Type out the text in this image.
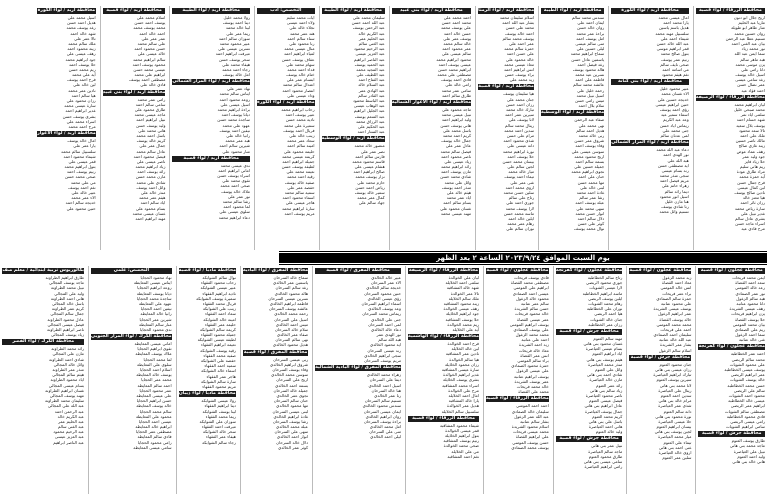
محافظة الزرقاء / لواء قصبة
اريج جلال ابو دنون
ماريا عبد الحليم
منار طاهر ابو طويلة
روان حسين محمد
تسنيم عطا عبد الرحمن
بيان عبد الغني احمد
نور محمد زياد
سما ايمن عبد الله
هبة ماهر سالم
يزن موسى محمد
دانا رامي علي
اسيل خالد يوسف
رغد سامي عيسى
عمر نضال حسن
احمد فؤاد عيد
محافظة الزرقاء / لواء الرصيفة
ليان ابراهيم محمد
محمد صبحي خليل
سلمى اياد نمر
شهد حسام احمد
يوسف بلال سعيد
تالا سعد محمود
ملك علي احمد
مالك ناصر حسين
زينة غازي صالح
رهف عماد عوض
جود وليد عمر
حلا زياد فايز
ريم هاني سليم
مراد طارق عودة
آية حمزة محمد
فرح جمال حسن
لين كمال عيسى
نادين صالح يوسف
هيا معتز خالد
رزان ثائر احمد
سارة رياض محمد
غدير نبيل علي
بشرى عادل سالم
اسراء ماجد حسن
مرح فادي عيد
محافظة اربد / لواء الكورة
امال عيسى محمد
يارا محمد احمد
هديل باسم ياسين
سلسبيل مهند محمد
شيماء احمد علي
عبد الله خالد حسن
قمر ابراهيم موسى
بتول صالح محمد
رنيم عمر يوسف
ضحى نايف سالم
مي اسامة احمد
نغم هيثم محمود
محافظة اربد / لواء بني كنانة
عبير محمود خليل
الاء غسان محمد
خديجة حسين علي
حنين ابراهيم عيسى
رؤى احمد يوسف
اسماء سمير عيد
وعد عبد الكريم
ريماس اياد حسن
جنى محمد علي
لمى عدنان سالم
محافظة اربد / لواء المزار الشمالي
دعاء عبد الله محمد
نور الهدى احمد
هبة الله علي
اية مصطفى حسن
رند بسام عيسى
سجى منذر محمد
مريم فيصل احمد
زهراء حاتم علي
ديما رائد سالم
اسيل انور محمود
هنا مازن خليل
رنا شادي يوسف
تسنيم وائل محمد
محافظة اربد / لواء الطيبة
سندس محمد سالم
ايمان احمد علي
روان خالد حسن
براءة عمر محمد
امل يوسف احمد
منى سالم عيسى
ليلى حسين علي
سماح ابراهيم محمد
ياسمين عادل حسن
رغد فيصل احمد
هالة محمود يوسف
نسرين عيد محمد
فاطمة علي احمد
عائشة محمد سالم
رحمة خليل علي
اسيل نبيل محمد
ميس رامي حسن
سلام بلال احمد
محافظة اربد / لواء الوسطية
صفاء عبد الرحمن
نهى محمد علي
هديل احمد سالم
ربى خالد محمد
شروق عمر حسن
وفاء يوسف احمد
سوسن عيسى علي
اريج محمود محمد
بسمة سالم احمد
جميلة حسين علي
نجوى ابراهيم محمد
حنان علي احمد
مها محمد حسن
لبنى خالد علي
غادة احمد محمد
رشا عمر سالم
عبلة يوسف احمد
سهى محمد علي
انوار حسن محمد
دلال سالم احمد
كوثر علي حسن
نوال محمد يوسف
محافظة اربد / لواء الرمثا
اسلام سليمان محمد
بشار عبد الله احمد
محمد علي حسن
احمد خالد يوسف
يوسف محمد سالم
عمر احمد علي
حمزة سالم محمد
علي حسن احمد
خالد محمود علي
معاذ عيسى محمد
انس ابراهيم احمد
براء يوسف حسن
زيد محمد علي
محافظة اربد / لواء قصبة
هيا سليمان يوسف
جنان محمد علي
رزان احمد حسن
تبارك خالد محمد
سيرين عمر احمد
لانا يوسف علي
ريتال محمد سالم
سدين احمد محمد
مرام علي حسن
شذى محمود احمد
دانة عيسى علي
نورة ابراهيم محمد
حلا يوسف احمد
بيسان محمد حسن
لجين سالم علي
ميار خالد محمد
تيماء احمد يوسف
غنى عمر علي
اروى محمد احمد
سلين حسن محمد
رتاج علي سالم
جوري احمد علي
لارا يوسف محمد
ماسة محمد حسن
ايلين خالد احمد
رهام عمر محمد
نوران سالم علي
محافظة اربد / لواء بني عبيد
احمد محمد علي
محمد احمد حسن
علي يوسف محمد
حسن خالد احمد
يوسف عمر علي
خالد سالم محمد
عمر محمود احمد
سالم عيسى علي
محمود ابراهيم محمد
عيسى يوسف احمد
ابراهيم محمد حسن
مصطفى علي محمد
فادي احمد يوسف
رامي خالد علي
سامي عمر محمد
طارق سالم احمد
محافظة اربد / لواء الاغوار الشمالية
ماجد محمود علي
نبيل عيسى محمد
وليد ابراهيم احمد
هاني يوسف حسن
باسل محمد علي
كريم احمد محمد
جمال خالد يوسف
عادل عمر علي
فيصل سالم محمد
ناصر محمود احمد
زياد عيسى علي
رائد ابراهيم محمد
مازن يوسف احمد
شادي محمد حسن
وائل علي محمد
منذر احمد يوسف
هيثم خالد علي
اياد عمر محمد
بسام سالم احمد
غسان محمود علي
مهند عيسى محمد
محافظة اربد / لواء الطيبة
سليمان محمد علي
عبد الله احمد حسن
عبد الرحمن يوسف
عبد الكريم خالد
عبد الحليم عمر
عبد الغني سالم
عبد الرحيم محمود
عبد العزيز عيسى
عبد الناصر ابراهيم
عبد الحميد يوسف
عبد المجيد محمد
عبد اللطيف علي
عبد الفتاح احمد
عبد السلام خالد
عبد الهادي عمر
عبد القادر سالم
عبد الباسط محمود
عبد الوهاب عيسى
عبد الجليل ابراهيم
عبد المنعم يوسف
عبد الرزاق محمد
عبد الحكيم علي
عبد الستار احمد
محافظة اربد / لواء الوسطية
منصور خالد محمد
نصر عمر علي
فارس سالم احمد
قاسم محمود محمد
هشام عيسى علي
صالح ابراهيم احمد
نزار يوسف محمد
حازم محمد علي
رياض احمد حسن
سمير خالد يوسف
كمال عمر محمد
جهاد سالم علي
التخصص: ادب
ايات محمد سليم
ولاء احمد عيسى
نجلاء خالد علي
هند عمر محمد
سناء سالم احمد
رنا محمود علي
منال عيسى محمد
لمياء ابراهيم احمد
عفاف يوسف حسن
سهام محمد علي
فداء احمد محمد
ختام خالد يوسف
ابتسام عمر علي
اعتدال سالم محمد
انتصار محمود احمد
وداد عيسى علي
محافظة اربد / لواء الكورة
رحاب ابراهيم محمد
عبير يوسف احمد
نادية محمد حسن
سميرة علي محمد
فريال احمد يوسف
زينب خالد علي
سعاد عمر محمد
امينة سالم احمد
حليمة محمود علي
كريمة عيسى محمد
جميلة ابراهيم احمد
لطيفة يوسف حسن
نعيمة محمد علي
رقية احمد محمد
صفية خالد يوسف
حفصة عمر علي
سمية سالم محمد
اسماء محمود احمد
هاجر عيسى علي
سارة ابراهيم محمد
مريم يوسف احمد
محافظة اربد / لواء الطيبة
رولا محمد خليل
دينا احمد يوسف
لينا خالد محمد
ريما عمر علي
سوزان سالم احمد
عبير محمود محمد
نسرين عيسى علي
ميرفت ابراهيم احمد
سحر يوسف حسن
هيفاء محمد علي
رجاء احمد محمد
امل خالد يوسف
محافظة اربد / لواء المزار الشمالي
نهاد عمر علي
ايناس سالم محمد
روعة محمود احمد
اسيل عيسى علي
براءة ابراهيم محمد
ديانا يوسف احمد
ساجدة محمد حسن
عهود علي محمد
نيفين احمد يوسف
رانيا خالد علي
هبة عمر محمد
شيرين سالم احمد
منار محمود علي
محافظة اربد / لواء قصبة
ندى عيسى محمد
اماني ابراهيم احمد
اسراء يوسف حسن
تقوى محمد علي
ضحى احمد محمد
ملاك خالد يوسف
نور عمر علي
رشا سالم محمد
لما محمود احمد
سلوى عيسى علي
دعاء ابراهيم محمد
محافظة اربد / لواء قصبة
اسلام محمد علي
يوسف احمد حسن
محمد يوسف محمد
احمد خالد احمد
عمر عمر علي
علي سالم محمد
حسن محمود احمد
خالد عيسى علي
سالم ابراهيم محمد
محمود يوسف احمد
عيسى محمد حسن
ابراهيم علي محمد
مصطفى احمد يوسف
فادي خالد علي
محافظة اربد / لواء بني عبيد
رامي عمر محمد
سامي سالم احمد
طارق محمود علي
ماجد عيسى محمد
نبيل ابراهيم احمد
وليد يوسف حسن
هاني محمد علي
باسل احمد محمد
كريم خالد يوسف
جمال عمر علي
عادل سالم محمد
فيصل محمود احمد
ناصر عيسى علي
زياد ابراهيم محمد
رائد يوسف احمد
مازن محمد حسن
شادي علي محمد
وائل احمد يوسف
منذر خالد علي
هيثم عمر محمد
اياد سالم احمد
بسام محمود علي
غسان عيسى محمد
مهند ابراهيم احمد
محافظة اربد / لواء الكورة
اسيل محمد علي
هديل احمد حسن
رغد يوسف محمد
شهد خالد احمد
تالا عمر علي
ملك سالم محمد
زينة محمود احمد
رهف عيسى علي
جود ابراهيم محمد
حلا يوسف احمد
ريم محمد حسن
آية علي محمد
فرح احمد يوسف
لين خالد علي
نادين عمر محمد
هيا سالم احمد
رزان محمود علي
سارة عيسى محمد
غدير ابراهيم احمد
بشرى يوسف حسن
اسراء محمد علي
مرح احمد محمد
محافظة اربد / لواء الاغوار
امال خالد يوسف
يارا عمر علي
سلسبيل سالم محمد
شيماء محمود احمد
قمر عيسى علي
بتول ابراهيم محمد
رنيم يوسف احمد
ضحى محمد حسن
مي علي محمد
نغم احمد يوسف
عبير خالد علي
الاء عمر محمد
خديجة سالم احمد
حنين محمود علي
يوم السبت الموافق ٢٠٢٣/٩/٢٤ الساعة ٢ بعد الظهر
محافظة عجلون / لواء قصبة
ايمن محمد فريحات
سعد احمد القضاة
رعد خالد المومني
نور عمر الصمادي
هبة سالم الزغول
دانا محمود عنانبة
رهف عيسى الشريدة
يزن ابراهيم فريحات
حلا يوسف القضاة
بيان محمد المومني
ريم علي الصمادي
سما احمد الزغول
غنى خالد عنانبة
محافظة عجلون / لواء كفرنجة
احمد عمر الخطاطبة
محمد سالم الربضي
علي محمود الشويات
يوسف عيسى الخطاطبة
عمر ابراهيم الربضي
خالد يوسف الشويات
حسن محمد الخطاطبة
سالم علي الربضي
محمود احمد الشويات
عيسى خالد الخطاطبة
ابراهيم عمر الربضي
مصطفى سالم الشويات
فادي محمود الخطاطبة
رامي عيسى الربضي
سامي ابراهيم الشويات
محافظة جرش / لواء قصبة
طارق يوسف العتوم
ماجد محمد بني هاني
نبيل علي العياصرة
وليد احمد العتوم
هاني خالد بني هاني
محافظة عجلون / لواء قصبة
زيد محمد الزغول
معاذ احمد القضاة
انس خالد المومني
براء عمر فريحات
حمزة سالم الصمادي
علي محمود عنانبة
يوسف عيسى الشريدة
عمر ابراهيم الزغول
خالد يوسف القضاة
محمد محمد المومني
احمد علي فريحات
سليمان احمد الصمادي
عبد الله خالد عنانبة
بشار عمر الشريدة
اسلام سالم الزغول
محافظة جرش / لواء قصبة
جنان محمود العتوم
رزان عيسى بني هاني
تبارك ابراهيم العياصرة
سيرين يوسف العتوم
لانا محمد بني هاني
ريتال علي العياصرة
سدين احمد العتوم
مرام خالد بني هاني
شذى عمر العياصرة
دانة سالم العتوم
نورة محمود بني هاني
حلا عيسى العياصرة
بيسان ابراهيم العتوم
لجين يوسف بني هاني
ميار محمد العياصرة
تيماء علي العتوم
غنى احمد بني هاني
اروى خالد العياصرة
سلين عمر العتوم
محافظة عجلون / لواء كفرنجة
رتاج سالم الخطاطبة
جوري محمود الربضي
لارا عيسى الشويات
ماسة ابراهيم الخطاطبة
ايلين يوسف الربضي
رهام محمد الشويات
نوران علي الخطاطبة
هيا احمد الربضي
جنان خالد الشويات
رزان عمر الخطاطبة
محافظة جرش / لواء قصبة
مهند سالم العتوم
غسان محمود بني هاني
بسام عيسى العياصرة
اياد ابراهيم العتوم
هيثم يوسف بني هاني
منذر محمد العياصرة
وائل علي العتوم
شادي احمد بني هاني
مازن خالد العياصرة
رائد عمر العتوم
زياد سالم بني هاني
ناصر محمود العياصرة
فيصل عيسى العتوم
عادل ابراهيم بني هاني
جمال يوسف العياصرة
كريم محمد العتوم
باسل علي بني هاني
هاني احمد العياصرة
وليد خالد العتوم
محافظة جرش / لواء قصبة
نبيل عمر بني هاني
ماجد سالم العياصرة
طارق محمود العتوم
سامي عيسى بني هاني
رامي ابراهيم العياصرة
محافظة عجلون / لواء قصبة
فادي يوسف فريحات
مصطفى محمد القضاة
ابراهيم علي المومني
عيسى احمد الصمادي
محمود خالد الزغول
سالم عمر عنانبة
حسن سالم الشريدة
خالد محمود فريحات
عمر عيسى القضاة
يوسف ابراهيم المومني
علي يوسف الصمادي
محمد محمد الزغول
احمد علي عنانبة
زيد احمد الشريدة
معاذ خالد فريحات
انس عمر القضاة
براء سالم المومني
حمزة محمود الصمادي
علي عيسى الزغول
يوسف ابراهيم عنانبة
عمر يوسف الشريدة
خالد محمد فريحات
محمد علي القضاة
محافظة الزرقاء / لواء قصبة
احمد احمد المومني
سليمان خالد الصمادي
عبد الله عمر الزغول
بشار سالم عنانبة
اسلام محمود الشريدة
محمد عيسى فريحات
علي ابراهيم القضاة
حسن يوسف المومني
يوسف محمد الصمادي
محافظة الزرقاء / لواء الرصيفة
ليان علي الخوالدة
سلمى احمد الخلايلة
شهد خالد المشاقبة
تالا عمر الخوالدة
ملك سالم الخلايلة
زينة محمود المشاقبة
رهف عيسى الخوالدة
جود ابراهيم الخلايلة
حلا يوسف المشاقبة
ريم محمد الخوالدة
آية علي الخلايلة
محافظة الزرقاء / لواء الهاشمية
فرح احمد الخوالدة
لين خالد الخلايلة
نادين عمر المشاقبة
هيا سالم الخوالدة
رزان محمود الخلايلة
سارة عيسى المشاقبة
غدير ابراهيم الخوالدة
بشرى يوسف الخلايلة
اسراء محمد المشاقبة
مرح علي الخوالدة
امال احمد الخلايلة
يارا خالد المشاقبة
هديل عمر الخوالدة
سلسبيل سالم الخلايلة
محافظة الزرقاء / لواء قصبة
شيماء محمود المشاقبة
قمر عيسى الخوالدة
بتول ابراهيم الخلايلة
رنيم يوسف المشاقبة
ضحى محمد الخوالدة
مي علي الخلايلة
نغم احمد المشاقبة
محافظة المفرق / لواء قصبة
عبير خالد الخالدي
الاء عمر السرحان
خديجة سالم الخالدي
حنين محمود السرحان
رؤى عيسى الخالدي
اسماء ابراهيم السرحان
وعد يوسف الخالدي
ريماس محمد السرحان
جنى علي الخالدي
لمى احمد السرحان
دعاء خالد الخالدي
نور الهدى عمر
هبة الله سالم
اية محمود الخالدي
رند عيسى السرحان
سجى ابراهيم الخالدي
مريم يوسف السرحان
محافظة المفرق / لواء البادية الشمالية
زهراء محمد الخالدي
ديما علي السرحان
اسيل احمد الخالدي
هنا خالد السرحان
رنا عمر الخالدي
تسنيم سالم السرحان
سندس محمود الخالدي
ايمان عيسى السرحان
روان ابراهيم الخالدي
براءة يوسف السرحان
امل محمد الخالدي
منى علي السرحان
ليلى احمد الخالدي
محافظة المفرق / لواء البادية
سماح خالد السرحان
ياسمين عمر الخالدي
رغد سالم السرحان
هالة محمود الخالدي
نسرين عيسى السرحان
فاطمة ابراهيم الخالدي
عائشة يوسف السرحان
رحمة محمد الخالدي
اسيل علي السرحان
ميس احمد الخالدي
سلام خالد السرحان
صفاء عمر الخالدي
نهى سالم السرحان
هديل محمود الخالدي
محافظة المفرق / لواء قصبة
ربى عيسى السرحان
شروق ابراهيم الخالدي
وفاء يوسف السرحان
سوسن محمد الخالدي
اريج علي السرحان
بسمة احمد الخالدي
جميلة خالد السرحان
نجوى عمر الخالدي
حنان سالم السرحان
مها محمود الخالدي
لبنى عيسى السرحان
غادة ابراهيم الخالدي
رشا يوسف السرحان
عبلة محمد الخالدي
سهى علي السرحان
انوار احمد الخالدي
دلال خالد السرحان
كوثر عمر الخالدي
محافظة مادبا / لواء قصبة
نوال سالم الشوابكة
رحاب محمود الفقهاء
عبير عيسى الشوابكة
نادية ابراهيم الفقهاء
سميرة يوسف الشوابكة
فريال محمد الفقهاء
زينب علي الشوابكة
سعاد احمد الفقهاء
امينة خالد الشوابكة
حليمة عمر الفقهاء
كريمة سالم الشوابكة
جميلة محمود الفقهاء
لطيفة عيسى الشوابكة
نعيمة ابراهيم الفقهاء
رقية يوسف الشوابكة
صفية محمد الفقهاء
حفصة علي الشوابكة
سمية احمد الفقهاء
اسماء خالد الشوابكة
هاجر عمر الفقهاء
سارة سالم الشوابكة
مريم محمود الفقهاء
محافظة مادبا / لواء ذيبان
رولا عيسى الشوابكة
دينا ابراهيم الفقهاء
لينا يوسف الشوابكة
ريما محمد الفقهاء
سوزان علي الشوابكة
ميرفت احمد الفقهاء
سحر خالد الشوابكة
هيفاء عمر الفقهاء
رجاء سالم الشوابكة
التخصص: علمي
نهاد محمود الحجايا
ايناس عيسى المعايطة
روعة ابراهيم الحجايا
ديانا يوسف المعايطة
ساجدة محمد الحجايا
عهود علي المعايطة
نيفين احمد الحجايا
رانيا خالد المعايطة
شيرين عمر الحجايا
منار سالم المعايطة
ندى محمود الحجايا
محافظة الكرك / لواء المزار الجنوبي
اماني عيسى المعايطة
تقوى ابراهيم الحجايا
ملاك يوسف المعايطة
لما محمد الحجايا
سلوى علي المعايطة
اسلام احمد الحجايا
يوسف خالد المعايطة
محمد عمر الحجايا
احمد سالم المعايطة
عمر محمود الحجايا
علي عيسى المعايطة
حسن ابراهيم الحجايا
خالد يوسف المعايطة
سالم محمد الحجايا
محمود علي المعايطة
عيسى احمد الحجايا
ابراهيم خالد المعايطة
مصطفى عمر الحجايا
فادي سالم المعايطة
رامي محمود الحجايا
سامي عيسى المعايطة
بكالوريوس تربية ابتدائية / معلم صف
طارق ابراهيم الطراونة
ماجد يوسف المجالي
نبيل محمد الطراونة
وليد علي المجالي
هاني احمد الطراونة
باسل خالد المجالي
كريم عمر الطراونة
جمال سالم المجالي
عادل محمود الطراونة
فيصل عيسى المجالي
ناصر ابراهيم الطراونة
زياد يوسف المجالي
محافظة الكرك / لواء القصر
رائد محمد الطراونة
مازن علي المجالي
شادي احمد الطراونة
وائل خالد المجالي
منذر عمر الطراونة
هيثم سالم المجالي
اياد محمود الطراونة
بسام عيسى المجالي
غسان ابراهيم الطراونة
مهند يوسف المجالي
سليمان محمد الطراونة
عبد الله علي المجالي
عبد الرحمن احمد
عبد الكريم خالد
عبد الحليم عمر
عبد الغني سالم
عبد الرحيم محمود
عبد العزيز عيسى
عبد الناصر ابراهيم
